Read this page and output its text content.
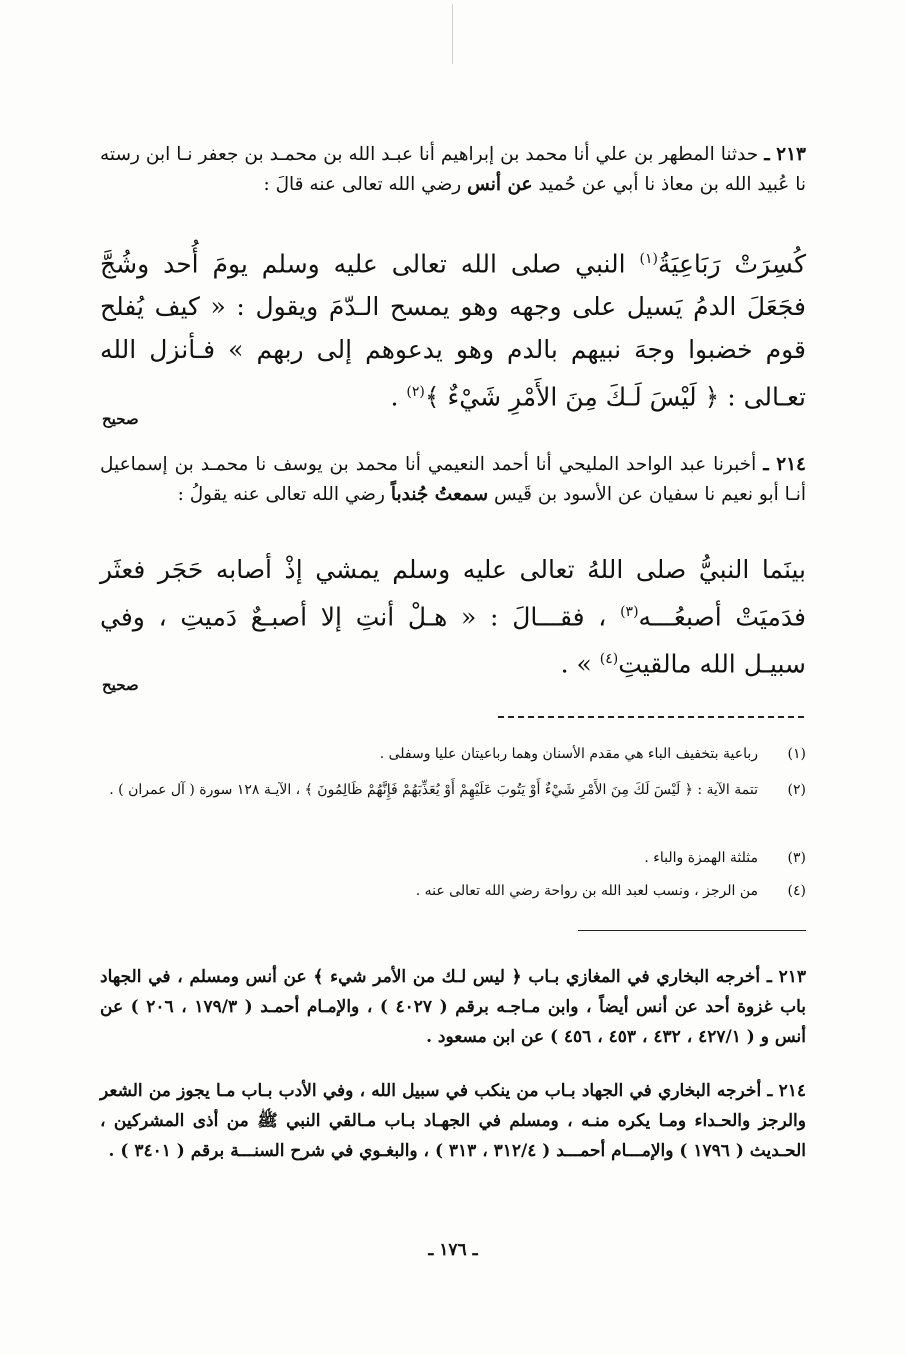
٢١٣ ـ حدثنا المطهر بن علي أنا محمد بن إبراهيم أنا عبـد الله بن محمـد بن جعفر نـا ابن رسته نا عُبيد الله بن معاذ نا أبي عن حُميد عن أنس رضي الله تعالى عنه قالَ :
كُسِرَتْ رَبَاعِيَةُ$^{(١)}$ النبي صلى الله تعالى عليه وسلم يومَ أُحد وشُجَّ فجَعَلَ الدمُ يَسيل على وجهه وهو يمسح الـدّمَ ويقول : « كيف يُفلح قوم خضبوا وجهَ نبيهم بالدم وهو يدعوهم إلى ربهم » فـأنزل الله تعـالى : ﴿ لَيْسَ لَـكَ مِنَ الأَمْرِ شَيْءٌ ﴾$^{(٢)}$ .
صحيح
٢١٤ ـ أخبرنا عبد الواحد المليحي أنا أحمد النعيمي أنا محمد بن يوسف نا محمـد بن إسماعيل أنـا أبو نعيم نا سفيان عن الأسود بن قَيس سمعتُ جُندباً رضي الله تعالى عنه يقولُ :
بينَما النبيُّ صلى اللهُ تعالى عليه وسلم يمشي إذْ أصابه حَجَر فعثَر فدَميَتْ أصبعُـــه$^{(٣)}$ ، فقـــالَ : « هـلْ أنتِ إلا أصبـعٌ دَميتِ ، وفي سبيـل الله مالقيتِ$^{(٤)}$ » .
صحيح
(١)
رباعية بتخفيف الباء هي مقدم الأسنان وهما رباعيتان عليا وسفلى .
(٢)
تتمة الآية : ﴿ لَيْسَ لَكَ مِنَ الأَمْرِ شَيْءٌ أَوْ يَتُوبَ عَلَيْهِمْ أَوْ يُعَذِّبَهُمْ فَإِنَّهُمْ ظَالِمُونَ ﴾ ، الآيـة ١٢٨ سورة ( آل عمران ) .
(٣)
مثلثة الهمزة والباء .
(٤)
من الرجز ، ونسب لعبد الله بن رواحة رضي الله تعالى عنه .
٢١٣ ـ أخرجه البخاري في المغازي بـاب ﴿ ليس لـك من الأمر شيء ﴾ عن أنس ومسلم ، في الجهاد باب غزوة أحد عن أنس أيضاً ، وابن مـاجـه برقم ( ٤٠٢٧ ) ، والإمـام أحمـد ( ١٧٩/٣ ، ٢٠٦ ) عن أنس و ( ٤٢٧/١ ، ٤٣٢ ، ٤٥٣ ، ٤٥٦ ) عن ابن مسعود .
٢١٤ ـ أخرجه البخاري في الجهاد بـاب من ينكب في سبيل الله ، وفي الأدب بـاب مـا يجوز من الشعر والرجز والحـداء ومـا يكره منـه ، ومسلم في الجهـاد بـاب مـالقي النبي ﷺ من أذى المشركين ، الحـديث ( ١٧٩٦ ) والإمـــام أحمـــد ( ٣١٢/٤ ، ٣١٣ ) ، والبغـوي في شرح السنـــة برقم ( ٣٤٠١ ) .
ـ ١٧٦ ـ
